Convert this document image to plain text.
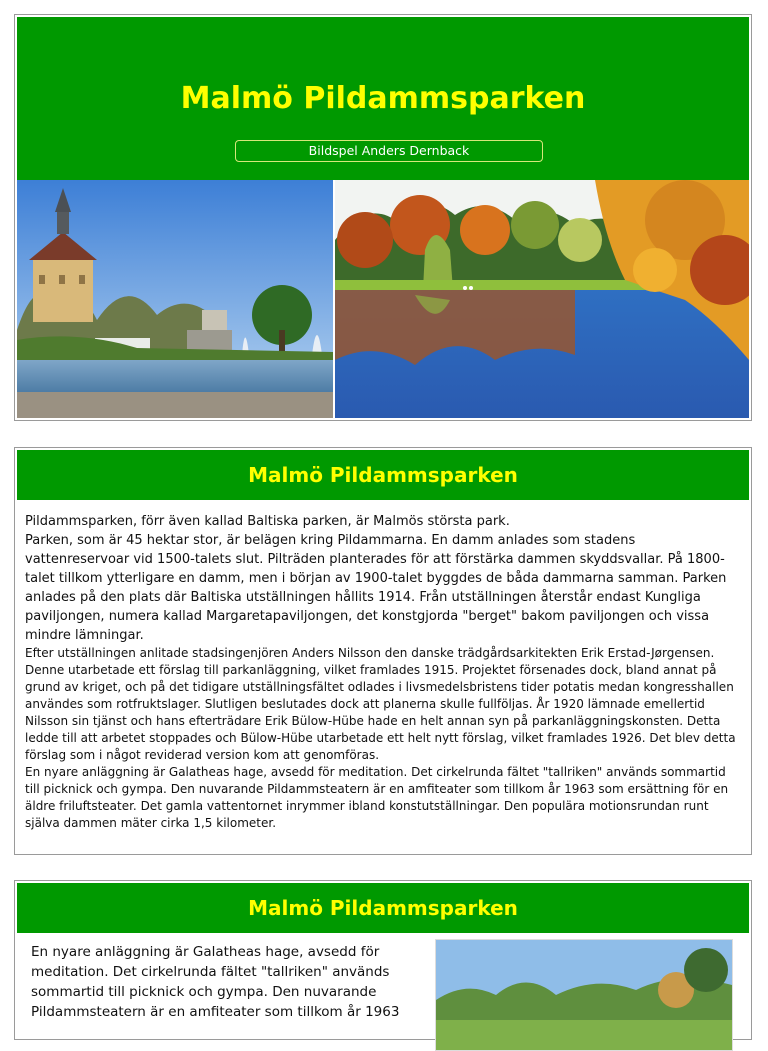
Malmö Pildammsparken
Bildspel Anders Dernback
Malmö Pildammsparken

Pildammsparken, förr även kallad Baltiska parken, är Malmös största park.

Parken, som är 45 hektar stor, är belägen kring Pildammarna. En damm anlades som stadens vattenreservoar vid 1500-talets slut. Pilträden planterades för att förstärka dammen skyddsvallar. På 1800-talet tillkom ytterligare en damm, men i början av 1900-talet byggdes de båda dammarna samman. Parken anlades på den plats där Baltiska utställningen hållits 1914. Från utställningen återstår endast Kungliga paviljongen, numera kallad Margaretapaviljongen, det konstgjorda "berget" bakom paviljongen och vissa mindre lämningar.

Efter utställningen anlitade stadsingenjören Anders Nilsson den danske trädgårdsarkitekten Erik Erstad-Jørgensen. Denne utarbetade ett förslag till parkanläggning, vilket framlades 1915. Projektet försenades dock, bland annat på grund av kriget, och på det tidigare utställningsfältet odlades i livsmedelsbristens tider potatis medan kongresshallen användes som rotfruktslager. Slutligen beslutades dock att planerna skulle fullföljas. År 1920 lämnade emellertid Nilsson sin tjänst och hans efterträdare Erik Bülow-Hübe hade en helt annan syn på parkanläggningskonsten. Detta ledde till att arbetet stoppades och Bülow-Hübe utarbetade ett helt nytt förslag, vilket framlades 1926. Det blev detta förslag som i något reviderad version kom att genomföras.

En nyare anläggning är Galatheas hage, avsedd för meditation. Det cirkelrunda fältet "tallriken" används sommartid till picknick och gympa. Den nuvarande Pildammsteatern är en amfiteater som tillkom år 1963 som ersättning för en äldre friluftsteater. Det gamla vattentornet inrymmer ibland konstutställningar. Den populära motionsrundan runt själva dammen mäter cirka 1,5 kilometer.

Malmö Pildammsparken

En nyare anläggning är Galatheas hage, avsedd för meditation. Det cirkelrunda fältet "tallriken" används sommartid till picknick och gympa. Den nuvarande Pildammsteatern är en amfiteater som tillkom år 1963
